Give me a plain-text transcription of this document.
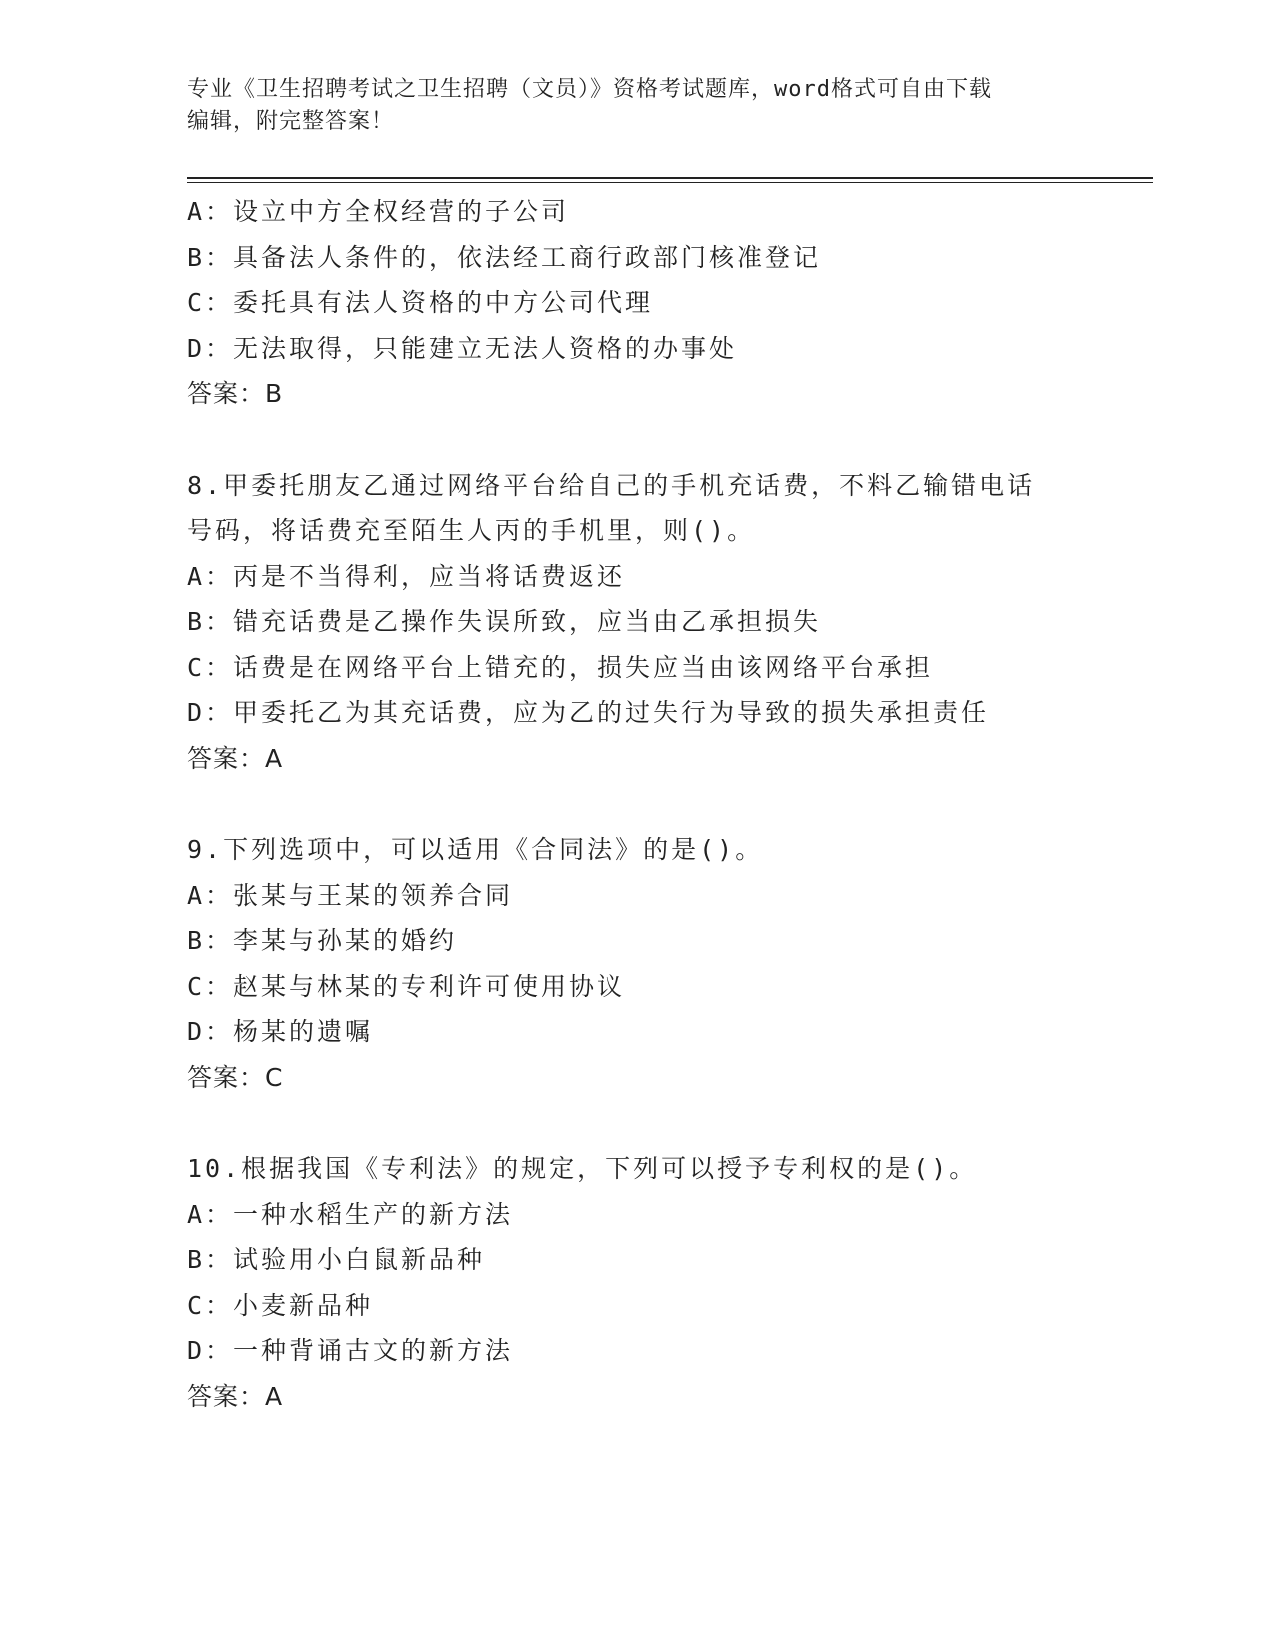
专业《卫生招聘考试之卫生招聘（文员）》资格考试题库，word格式可自由下载
编辑，附完整答案！
A：设立中方全权经营的子公司
B：具备法人条件的，依法经工商行政部门核准登记
C：委托具有法人资格的中方公司代理
D：无法取得，只能建立无法人资格的办事处
答案：B
8.甲委托朋友乙通过网络平台给自己的手机充话费，不料乙输错电话
号码，将话费充至陌生人丙的手机里，则()。
A：丙是不当得利，应当将话费返还
B：错充话费是乙操作失误所致，应当由乙承担损失
C：话费是在网络平台上错充的，损失应当由该网络平台承担
D：甲委托乙为其充话费，应为乙的过失行为导致的损失承担责任
答案：A
9.下列选项中，可以适用《合同法》的是()。
A：张某与王某的领养合同
B：李某与孙某的婚约
C：赵某与林某的专利许可使用协议
D：杨某的遗嘱
答案：C
10.根据我国《专利法》的规定，下列可以授予专利权的是()。
A：一种水稻生产的新方法
B：试验用小白鼠新品种
C：小麦新品种
D：一种背诵古文的新方法
答案：A
